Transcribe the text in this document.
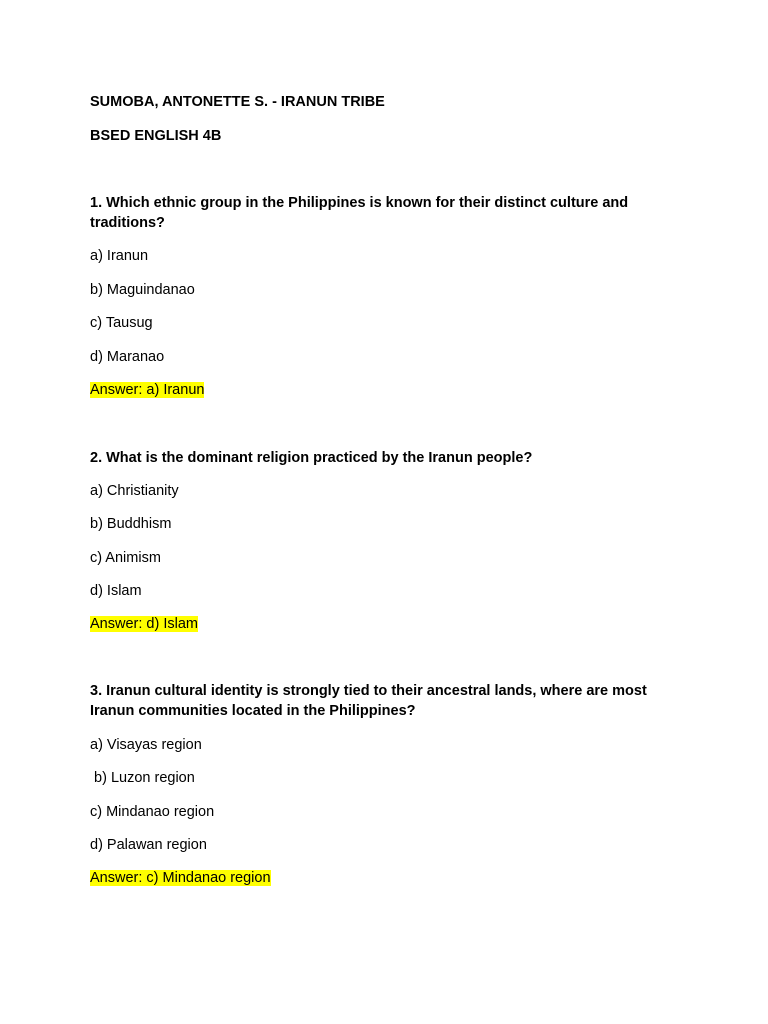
SUMOBA, ANTONETTE S. - IRANUN TRIBE
BSED ENGLISH 4B
1. Which ethnic group in the Philippines is known for their distinct culture and traditions?
a) Iranun
b) Maguindanao
c) Tausug
d) Maranao
Answer: a) Iranun
2. What is the dominant religion practiced by the Iranun people?
a) Christianity
b) Buddhism
c) Animism
d) Islam
Answer: d) Islam
3. Iranun cultural identity is strongly tied to their ancestral lands, where are most Iranun communities located in the Philippines?
a) Visayas region
b) Luzon region
c) Mindanao region
d) Palawan region
Answer: c) Mindanao region
